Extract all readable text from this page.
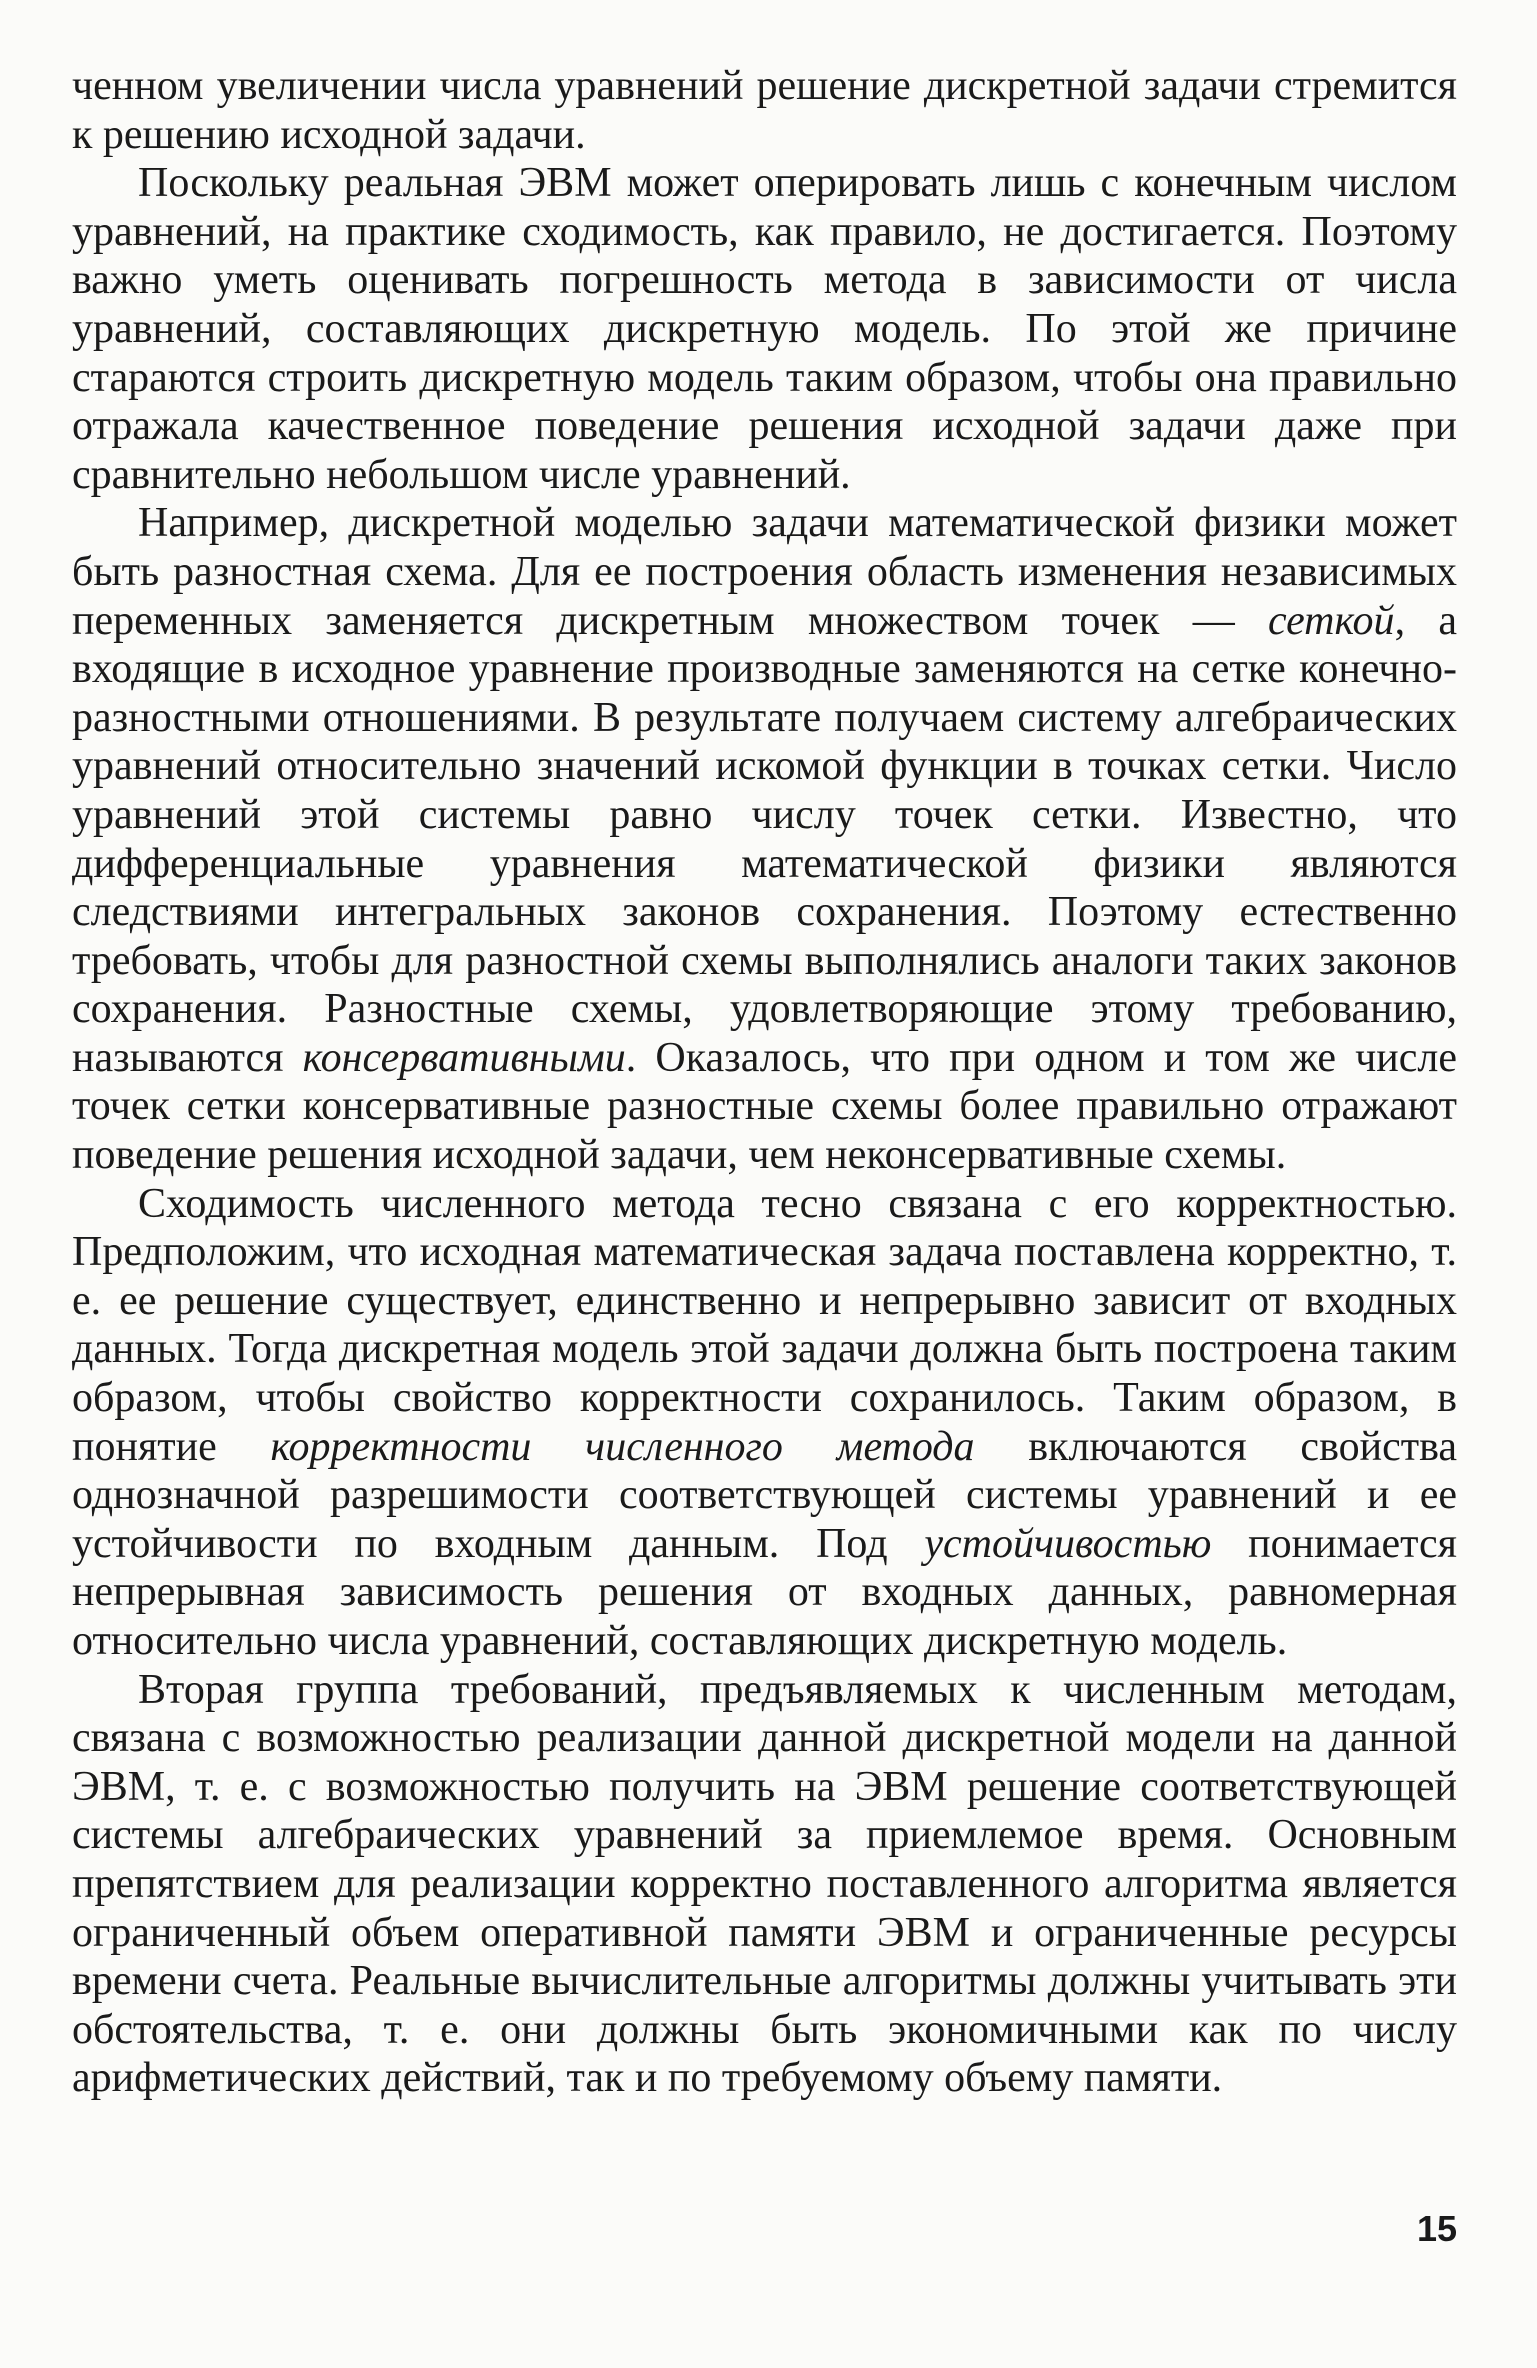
ченном увеличении числа уравнений решение дискретной задачи стремится к решению исходной задачи.

Поскольку реальная ЭВМ может оперировать лишь с конечным числом уравнений, на практике сходимость, как правило, не достигается. Поэтому важно уметь оценивать погрешность метода в зависимости от числа уравнений, составляющих дискретную модель. По этой же причине стараются строить дискретную модель таким образом, чтобы она правильно отражала качественное поведение решения исходной задачи даже при сравнительно небольшом числе уравнений.

Например, дискретной моделью задачи математической физики может быть разностная схема. Для ее построения область изменения независимых переменных заменяется дискретным множеством точек — сеткой, а входящие в исходное уравнение производные заменяются на сетке конечно-разностными отношениями. В результате получаем систему алгебраических уравнений относительно значений искомой функции в точках сетки. Число уравнений этой системы равно числу точек сетки. Известно, что дифференциальные уравнения математической физики являются следствиями интегральных законов сохранения. Поэтому естественно требовать, чтобы для разностной схемы выполнялись аналоги таких законов сохранения. Разностные схемы, удовлетворяющие этому требованию, называются консервативными. Оказалось, что при одном и том же числе точек сетки консервативные разностные схемы более правильно отражают поведение решения исходной задачи, чем неконсервативные схемы.

Сходимость численного метода тесно связана с его корректностью. Предположим, что исходная математическая задача поставлена корректно, т. е. ее решение существует, единственно и непрерывно зависит от входных данных. Тогда дискретная модель этой задачи должна быть построена таким образом, чтобы свойство корректности сохранилось. Таким образом, в понятие корректности численного метода включаются свойства однозначной разрешимости соответствующей системы уравнений и ее устойчивости по входным данным. Под устойчивостью понимается непрерывная зависимость решения от входных данных, равномерная относительно числа уравнений, составляющих дискретную модель.

Вторая группа требований, предъявляемых к численным методам, связана с возможностью реализации данной дискретной модели на данной ЭВМ, т. е. с возможностью получить на ЭВМ решение соответствующей системы алгебраических уравнений за приемлемое время. Основным препятствием для реализации корректно поставленного алгоритма является ограниченный объем оперативной памяти ЭВМ и ограниченные ресурсы времени счета. Реальные вычислительные алгоритмы должны учитывать эти обстоятельства, т. е. они должны быть экономичными как по числу арифметических действий, так и по требуемому объему памяти.

15
